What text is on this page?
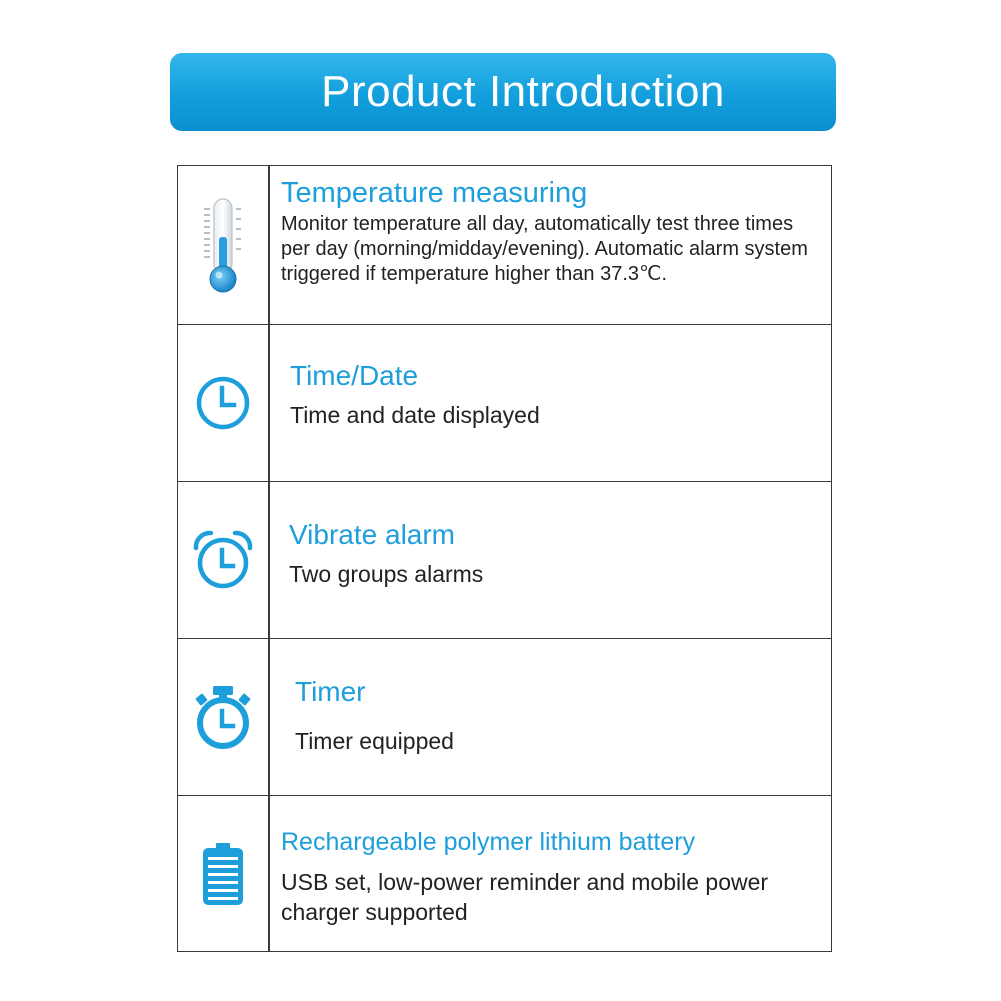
Product Introduction
Temperature measuring

Monitor temperature all day, automatically test three times per day (morning/midday/evening). Automatic alarm system triggered if temperature higher than 37.3℃.

Time/Date

Time and date displayed

Vibrate alarm

Two groups alarms

Timer

Timer equipped

Rechargeable polymer lithium battery

USB set, low-power reminder and mobile power charger supported
